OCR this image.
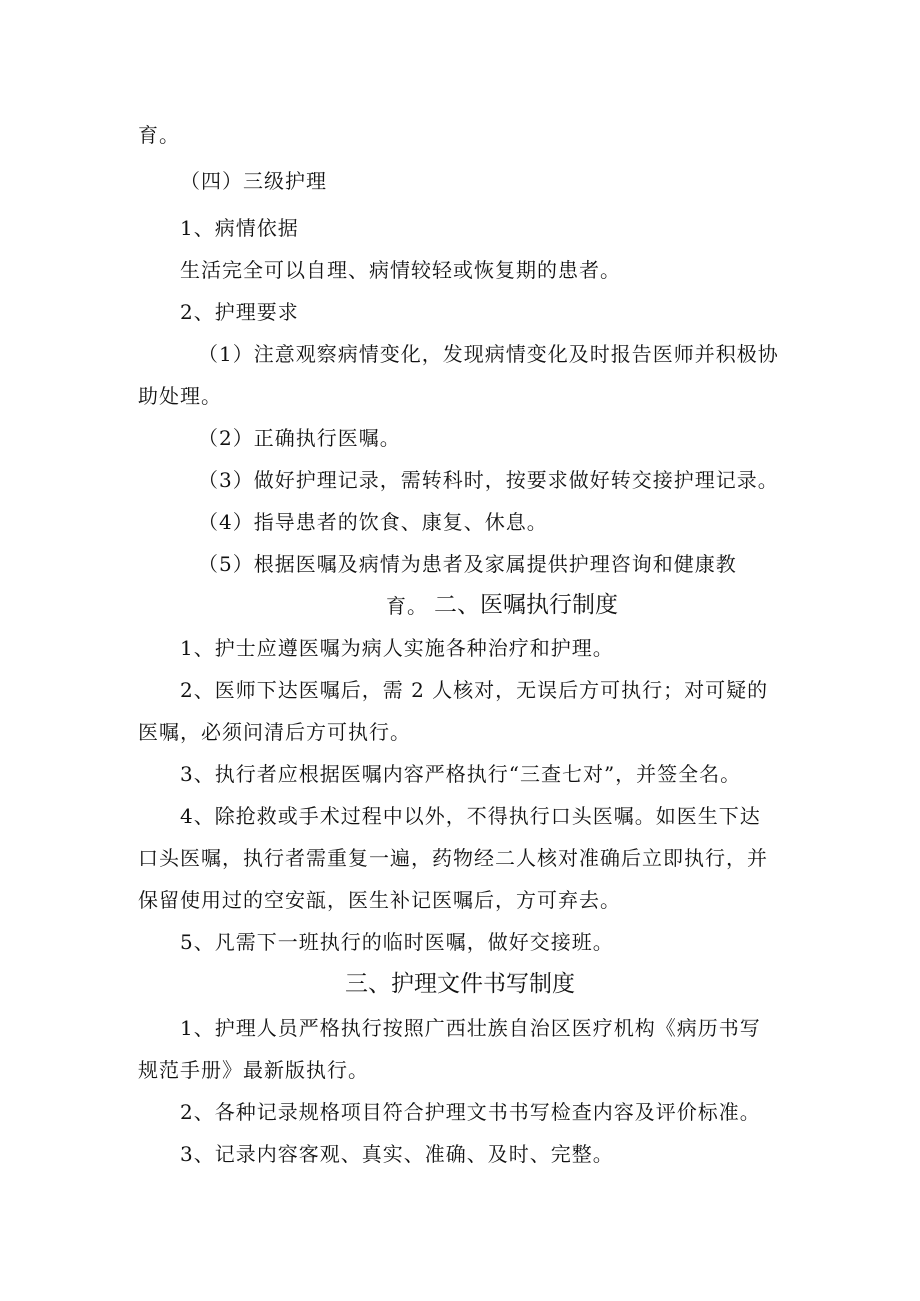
育。
（四）三级护理
1、病情依据
生活完全可以自理、病情较轻或恢复期的患者。
2、护理要求
（1）注意观察病情变化，发现病情变化及时报告医师并积极协
助处理。
（2）正确执行医嘱。
（3）做好护理记录，需转科时，按要求做好转交接护理记录。
（4）指导患者的饮食、康复、休息。
（5）根据医嘱及病情为患者及家属提供护理咨询和健康教
育。 二、医嘱执行制度
1、护士应遵医嘱为病人实施各种治疗和护理。
2、医师下达医嘱后，需 2 人核对，无误后方可执行；对可疑的
医嘱，必须问清后方可执行。
3、执行者应根据医嘱内容严格执行“三查七对”，并签全名。
4、除抢救或手术过程中以外，不得执行口头医嘱。如医生下达
口头医嘱，执行者需重复一遍，药物经二人核对准确后立即执行，并
保留使用过的空安瓿，医生补记医嘱后，方可弃去。
5、凡需下一班执行的临时医嘱，做好交接班。
三、护理文件书写制度
1、护理人员严格执行按照广西壮族自治区医疗机构《病历书写
规范手册》最新版执行。
2、各种记录规格项目符合护理文书书写检查内容及评价标准。
3、记录内容客观、真实、准确、及时、完整。
